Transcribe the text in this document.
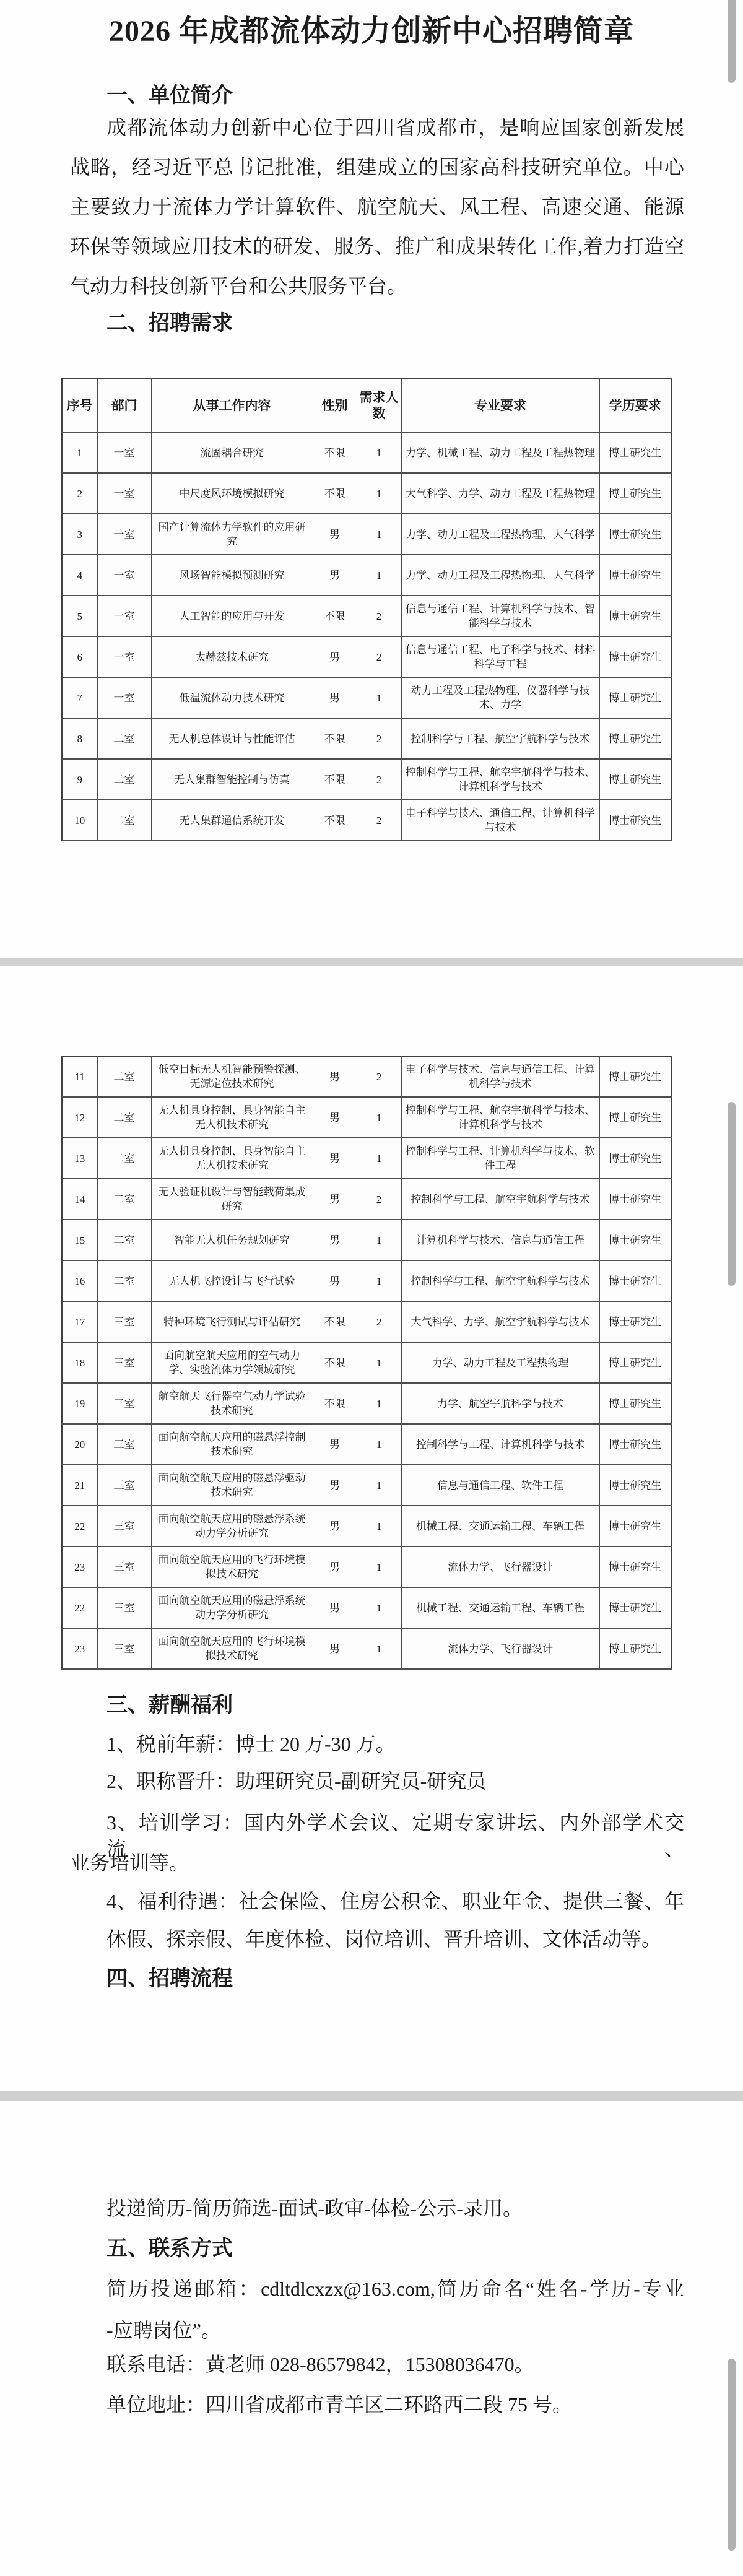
2026 年成都流体动力创新中心招聘简章
一、单位简介
成都流体动力创新中心位于四川省成都市，是响应国家创新发展
战略，经习近平总书记批准，组建成立的国家高科技研究单位。中心
主要致力于流体力学计算软件、航空航天、风工程、高速交通、能源
环保等领域应用技术的研发、服务、推广和成果转化工作,着力打造空
气动力科技创新平台和公共服务平台。
二、招聘需求
序号	部门	从事工作内容	性别	需求人数	专业要求	学历要求
1	一室	流固耦合研究	不限	1	力学、机械工程、动力工程及工程热物理	博士研究生
2	一室	中尺度风环境模拟研究	不限	1	大气科学、力学、动力工程及工程热物理	博士研究生
3	一室	国产计算流体力学软件的应用研究	男	1	力学、动力工程及工程热物理、大气科学	博士研究生
4	一室	风场智能模拟预测研究	男	1	力学、动力工程及工程热物理、大气科学	博士研究生
5	一室	人工智能的应用与开发	不限	2	信息与通信工程、计算机科学与技术、智能科学与技术	博士研究生
6	一室	太赫兹技术研究	男	2	信息与通信工程、电子科学与技术、材料科学与工程	博士研究生
7	一室	低温流体动力技术研究	男	1	动力工程及工程热物理、仪器科学与技术、力学	博士研究生
8	二室	无人机总体设计与性能评估	不限	2	控制科学与工程、航空宇航科学与技术	博士研究生
9	二室	无人集群智能控制与仿真	不限	2	控制科学与工程、航空宇航科学与技术、计算机科学与技术	博士研究生
10	二室	无人集群通信系统开发	不限	2	电子科学与技术、通信工程、计算机科学与技术	博士研究生
11	二室	低空目标无人机智能预警探测、无源定位技术研究	男	2	电子科学与技术、信息与通信工程、计算机科学与技术	博士研究生
12	二室	无人机具身控制、具身智能自主无人机技术研究	男	1	控制科学与工程、航空宇航科学与技术、计算机科学与技术	博士研究生
13	二室	无人机具身控制、具身智能自主无人机技术研究	男	1	控制科学与工程、计算机科学与技术、软件工程	博士研究生
14	二室	无人验证机设计与智能载荷集成研究	男	2	控制科学与工程、航空宇航科学与技术	博士研究生
15	二室	智能无人机任务规划研究	男	1	计算机科学与技术、信息与通信工程	博士研究生
16	二室	无人机飞控设计与飞行试验	男	1	控制科学与工程、航空宇航科学与技术	博士研究生
17	三室	特种环境飞行测试与评估研究	不限	2	大气科学、力学、航空宇航科学与技术	博士研究生
18	三室	面向航空航天应用的空气动力学、实验流体力学领域研究	不限	1	力学、动力工程及工程热物理	博士研究生
19	三室	航空航天飞行器空气动力学试验技术研究	不限	1	力学、航空宇航科学与技术	博士研究生
20	三室	面向航空航天应用的磁悬浮控制技术研究	男	1	控制科学与工程、计算机科学与技术	博士研究生
21	三室	面向航空航天应用的磁悬浮驱动技术研究	男	1	信息与通信工程、软件工程	博士研究生
22	三室	面向航空航天应用的磁悬浮系统动力学分析研究	男	1	机械工程、交通运输工程、车辆工程	博士研究生
23	三室	面向航空航天应用的飞行环境模拟技术研究	男	1	流体力学、飞行器设计	博士研究生
22	三室	面向航空航天应用的磁悬浮系统动力学分析研究	男	1	机械工程、交通运输工程、车辆工程	博士研究生
23	三室	面向航空航天应用的飞行环境模拟技术研究	男	1	流体力学、飞行器设计	博士研究生
三、薪酬福利
1、税前年薪：博士 20 万-30 万。
2、职称晋升：助理研究员-副研究员-研究员
3、培训学习：国内外学术会议、定期专家讲坛、内外部学术交流、
业务培训等。
4、福利待遇：社会保险、住房公积金、职业年金、提供三餐、年
休假、探亲假、年度体检、岗位培训、晋升培训、文体活动等。
四、招聘流程
投递简历-简历筛选-面试-政审-体检-公示-录用。
五、联系方式
简历投递邮箱：cdltdlcxzx@163.com,简历命名“姓名-学历-专业
-应聘岗位”。
联系电话：黄老师 028-86579842，15308036470。
单位地址：四川省成都市青羊区二环路西二段 75 号。
